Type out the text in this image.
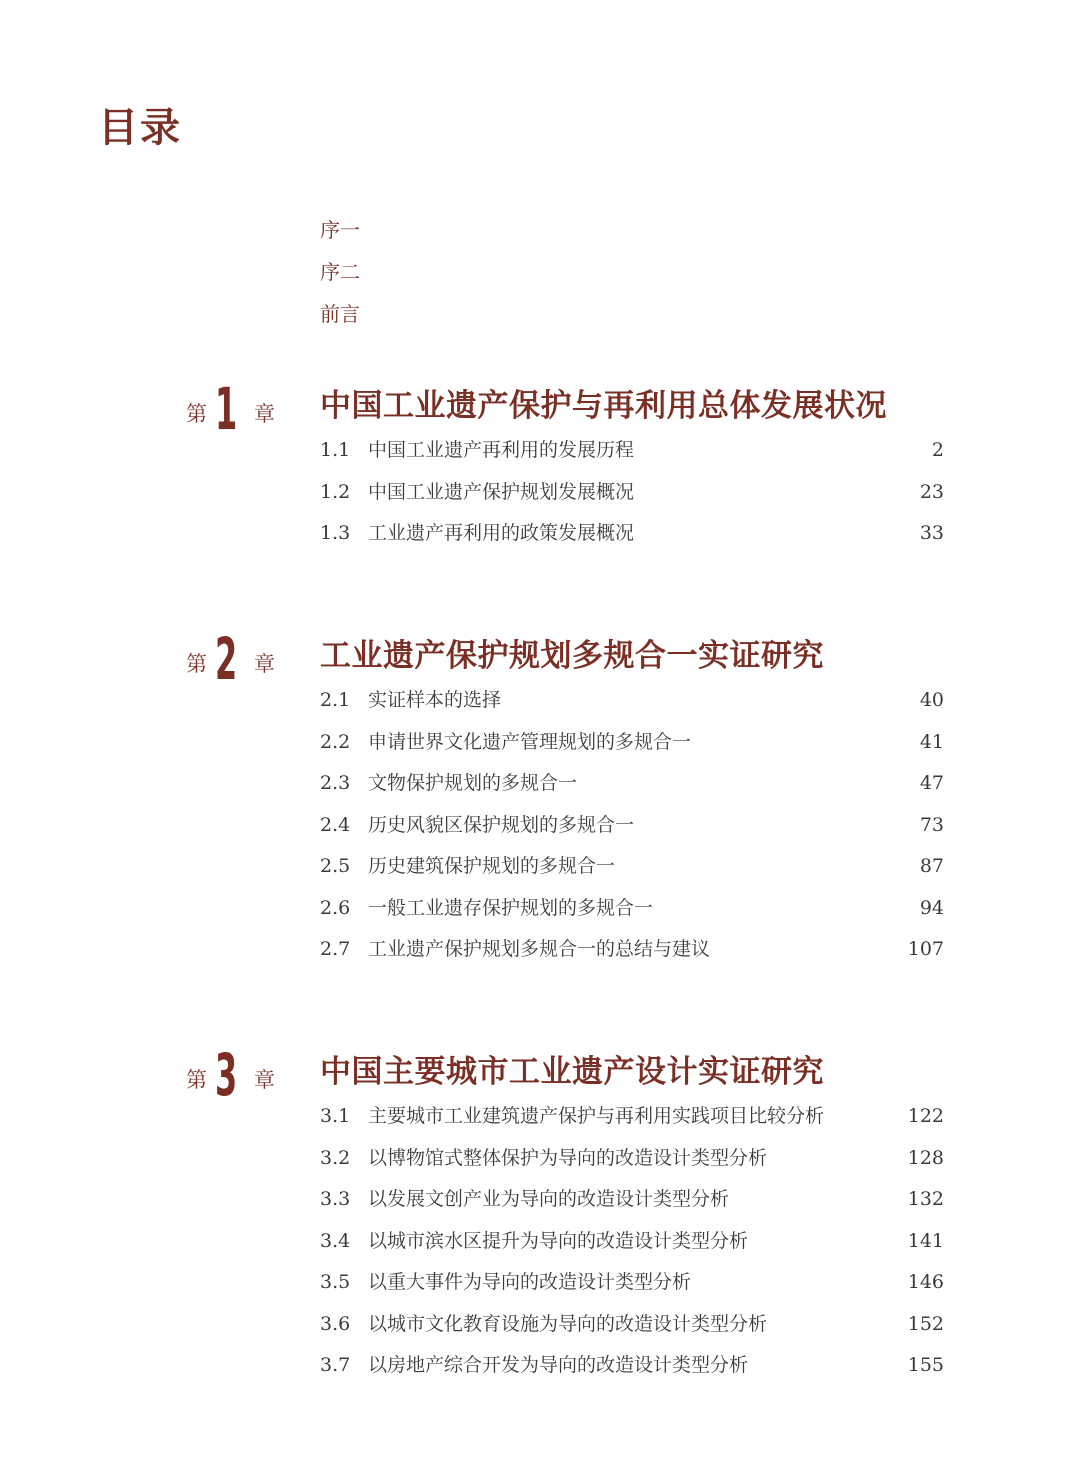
目录
序一
序二
前言
第 1 章 中国工业遗产保护与再利用总体发展状况
1.1 中国工业遗产再利用的发展历程	2
1.2 中国工业遗产保护规划发展概况	23
1.3 工业遗产再利用的政策发展概况	33
第 2 章 工业遗产保护规划多规合一实证研究
2.1 实证样本的选择	40
2.2 申请世界文化遗产管理规划的多规合一	41
2.3 文物保护规划的多规合一	47
2.4 历史风貌区保护规划的多规合一	73
2.5 历史建筑保护规划的多规合一	87
2.6 一般工业遗存保护规划的多规合一	94
2.7 工业遗产保护规划多规合一的总结与建议	107
第 3 章 中国主要城市工业遗产设计实证研究
3.1 主要城市工业建筑遗产保护与再利用实践项目比较分析	122
3.2 以博物馆式整体保护为导向的改造设计类型分析	128
3.3 以发展文创产业为导向的改造设计类型分析	132
3.4 以城市滨水区提升为导向的改造设计类型分析	141
3.5 以重大事件为导向的改造设计类型分析	146
3.6 以城市文化教育设施为导向的改造设计类型分析	152
3.7 以房地产综合开发为导向的改造设计类型分析	155
